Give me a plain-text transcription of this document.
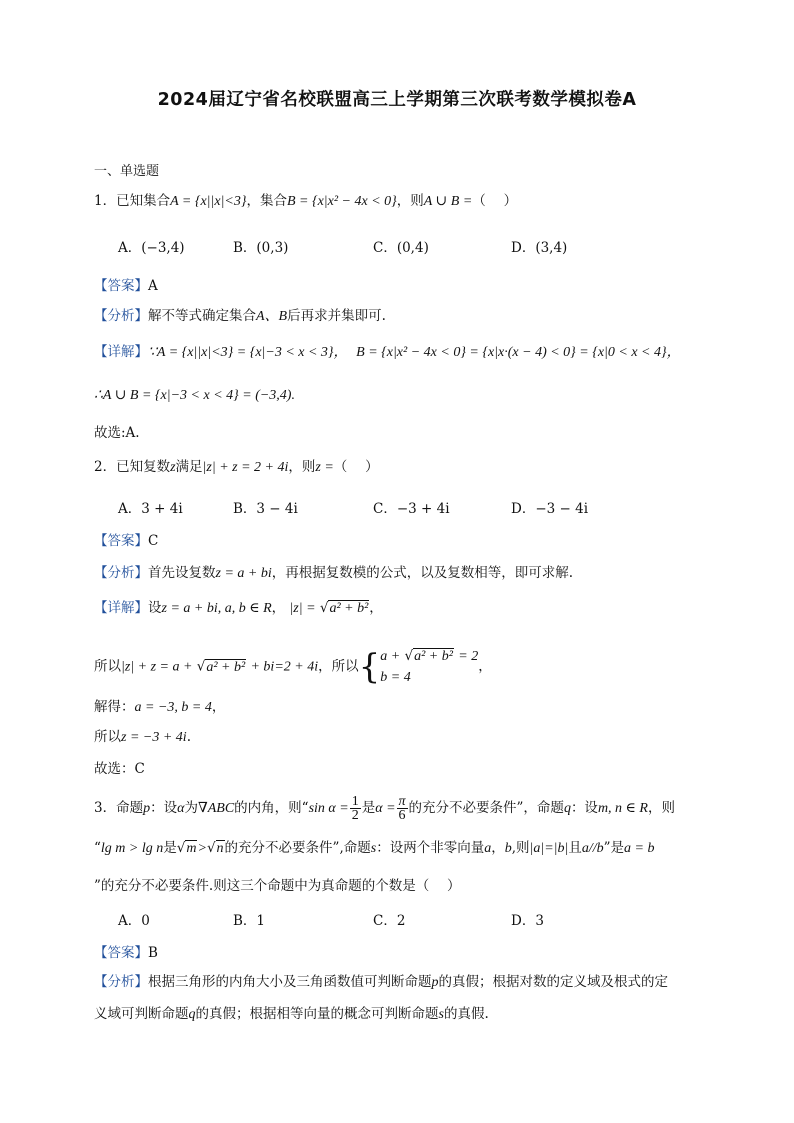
2024届辽宁省名校联盟高三上学期第三次联考数学模拟卷A
一、单选题
1．已知集合A = {x||x|<3}，集合B = {x|x² − 4x < 0}，则A ∪ B =（　 ）
A．(−3,4)	B．(0,3)	C．(0,4)	D．(3,4)
【答案】A
【分析】解不等式确定集合A、B后再求并集即可.
【详解】∵A = {x||x|<3} = {x|−3 < x < 3}， B = {x|x² − 4x < 0} = {x|x·(x − 4) < 0} = {x|0 < x < 4}，
∴A ∪ B = {x|−3 < x < 4} = (−3,4).
故选:A.
2．已知复数z满足|z| + z = 2 + 4i，则z =（　 ）
A．3 + 4i	B．3 − 4i	C．−3 + 4i	D．−3 − 4i
【答案】C
【分析】首先设复数z = a + bi，再根据复数模的公式，以及复数相等，即可求解.
【详解】设z = a + bi, a, b ∈ R， |z| = √a² + b²，
所以|z| + z = a + √a² + b² + bi=2 + 4i，所以{a + √a² + b² = 2
b = 4，
解得：a = −3, b = 4，
所以z = −3 + 4i.
故选：C
3．命题p：设α为∇ABC的内角，则“sin $\alpha = \frac{1}{2}$ 是$\alpha = \frac{\pi}{6}$ 的充分不必要条件”，命题q：设m, n ∈ R，则
“lg m > lg n是√m>√n的充分不必要条件”,命题s：设两个非零向量a，b,则|a|=|b|且a//b”是a = b
”的充分不必要条件.则这三个命题中为真命题的个数是（　 ）
A．0	B．1	C．2	D．3
【答案】B
【分析】根据三角形的内角大小及三角函数值可判断命题p的真假；根据对数的定义域及根式的定
义域可判断命题q的真假；根据相等向量的概念可判断命题s的真假.
